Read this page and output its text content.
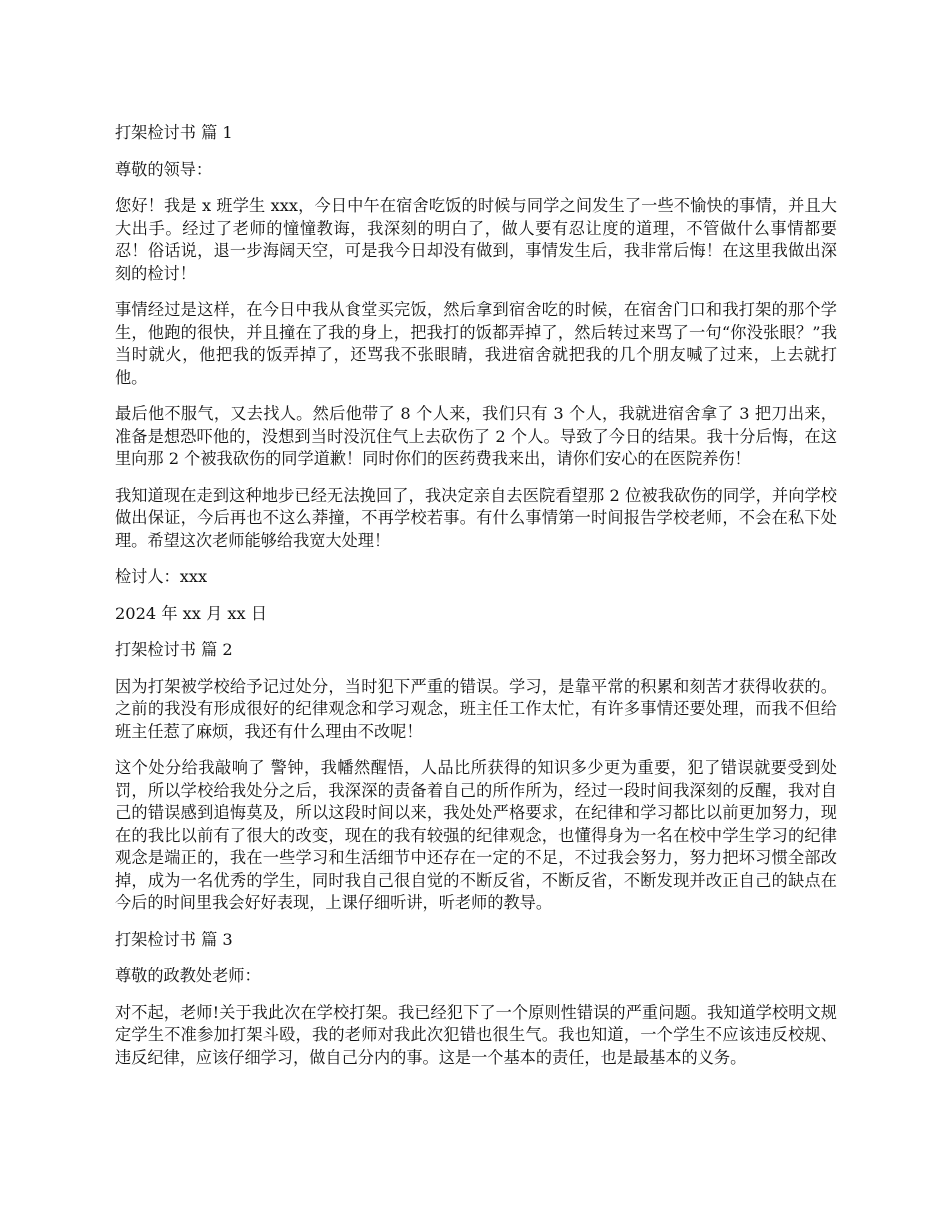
打架检讨书 篇 1

尊敬的领导：

您好！我是 x 班学生 xxx，今日中午在宿舍吃饭的时候与同学之间发生了一些不愉快的事情，并且大大出手。经过了老师的憧憧教诲，我深刻的明白了，做人要有忍让度的道理，不管做什么事情都要忍！俗话说，退一步海阔天空，可是我今日却没有做到，事情发生后，我非常后悔！在这里我做出深刻的检讨！

事情经过是这样，在今日中我从食堂买完饭，然后拿到宿舍吃的时候，在宿舍门口和我打架的那个学生，他跑的很快，并且撞在了我的身上，把我打的饭都弄掉了，然后转过来骂了一句“你没张眼？”我当时就火，他把我的饭弄掉了，还骂我不张眼睛，我进宿舍就把我的几个朋友喊了过来，上去就打他。

最后他不服气，又去找人。然后他带了 8 个人来，我们只有 3 个人，我就进宿舍拿了 3 把刀出来，准备是想恐吓他的，没想到当时没沉住气上去砍伤了 2 个人。导致了今日的结果。我十分后悔，在这里向那 2 个被我砍伤的同学道歉！同时你们的医药费我来出，请你们安心的在医院养伤！

我知道现在走到这种地步已经无法挽回了，我决定亲自去医院看望那 2 位被我砍伤的同学，并向学校做出保证，今后再也不这么莽撞，不再学校若事。有什么事情第一时间报告学校老师，不会在私下处理。希望这次老师能够给我宽大处理！

检讨人：xxx

2024 年 xx 月 xx 日

打架检讨书 篇 2

因为打架被学校给予记过处分，当时犯下严重的错误。学习，是靠平常的积累和刻苦才获得收获的。之前的我没有形成很好的纪律观念和学习观念，班主任工作太忙，有许多事情还要处理，而我不但给班主任惹了麻烦，我还有什么理由不改呢！

这个处分给我敲响了 警钟，我幡然醒悟，人品比所获得的知识多少更为重要，犯了错误就要受到处罚，所以学校给我处分之后，我深深的责备着自己的所作所为，经过一段时间我深刻的反醒，我对自己的错误感到追悔莫及，所以这段时间以来，我处处严格要求，在纪律和学习都比以前更加努力，现在的我比以前有了很大的改变，现在的我有较强的纪律观念，也懂得身为一名在校中学生学习的纪律观念是端正的，我在一些学习和生活细节中还存在一定的不足，不过我会努力，努力把坏习惯全部改掉，成为一名优秀的学生，同时我自己很自觉的不断反省，不断反省，不断发现并改正自己的缺点在今后的时间里我会好好表现，上课仔细听讲，听老师的教导。

打架检讨书 篇 3

尊敬的政教处老师：

对不起，老师!关于我此次在学校打架。我已经犯下了一个原则性错误的严重问题。我知道学校明文规定学生不准参加打架斗殴，我的老师对我此次犯错也很生气。我也知道，一个学生不应该违反校规、违反纪律，应该仔细学习，做自己分内的事。这是一个基本的责任，也是最基本的义务。
